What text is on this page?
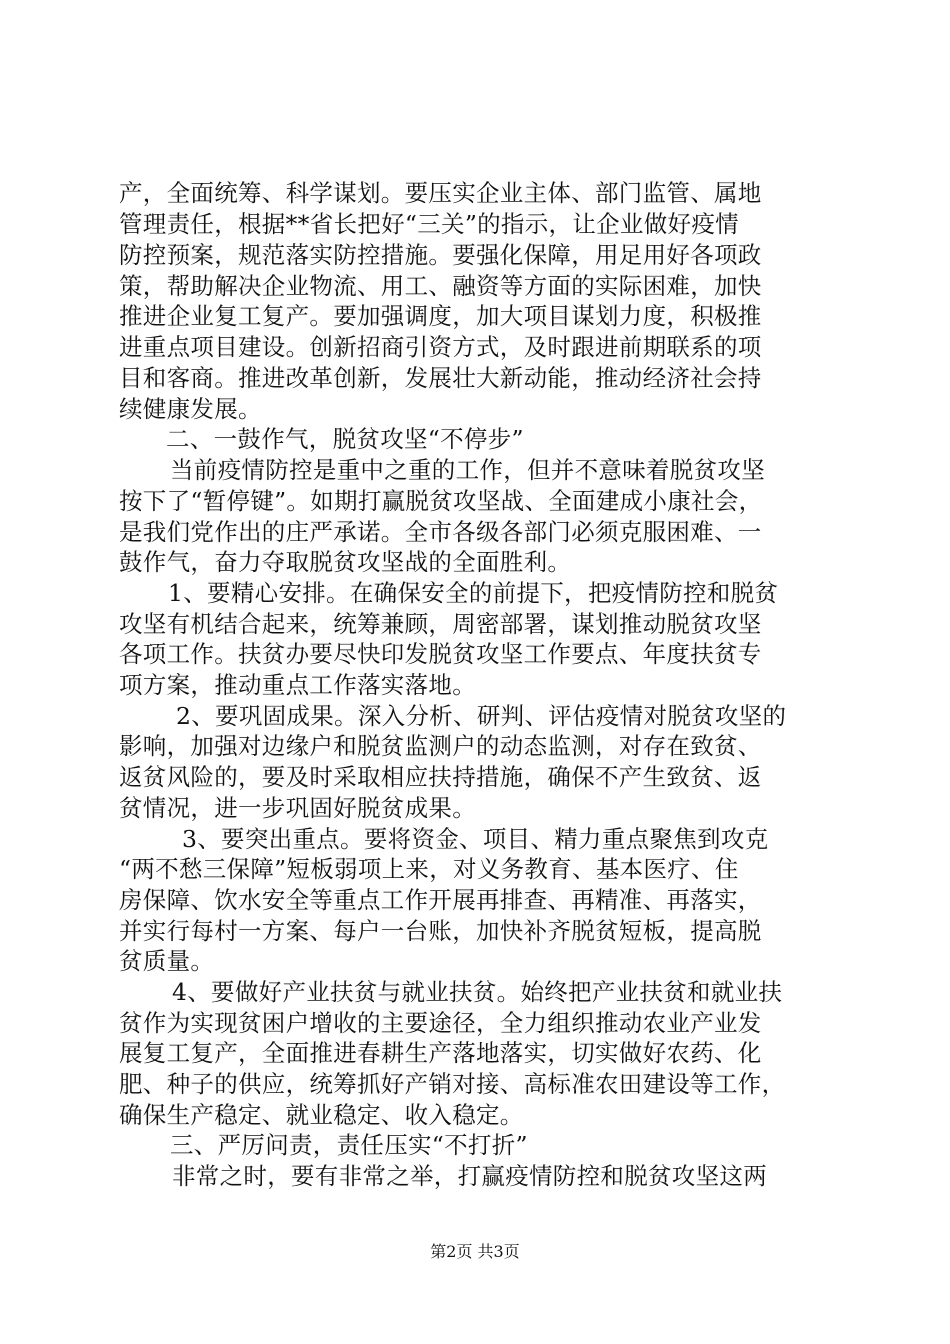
产，全面统筹、科学谋划。要压实企业主体、部门监管、属地
管理责任，根据**省长把好“三关”的指示，让企业做好疫情
防控预案，规范落实防控措施。要强化保障，用足用好各项政
策，帮助解决企业物流、用工、融资等方面的实际困难，加快
推进企业复工复产。要加强调度，加大项目谋划力度，积极推
进重点项目建设。创新招商引资方式，及时跟进前期联系的项
目和客商。推进改革创新，发展壮大新动能，推动经济社会持
续健康发展。
二、一鼓作气，脱贫攻坚“不停步”
当前疫情防控是重中之重的工作，但并不意味着脱贫攻坚
按下了“暂停键”。如期打赢脱贫攻坚战、全面建成小康社会，
是我们党作出的庄严承诺。全市各级各部门必须克服困难、一
鼓作气，奋力夺取脱贫攻坚战的全面胜利。
1、要精心安排。在确保安全的前提下，把疫情防控和脱贫
攻坚有机结合起来，统筹兼顾，周密部署，谋划推动脱贫攻坚
各项工作。扶贫办要尽快印发脱贫攻坚工作要点、年度扶贫专
项方案，推动重点工作落实落地。
2、要巩固成果。深入分析、研判、评估疫情对脱贫攻坚的
影响，加强对边缘户和脱贫监测户的动态监测，对存在致贫、
返贫风险的，要及时采取相应扶持措施，确保不产生致贫、返
贫情况，进一步巩固好脱贫成果。
3、要突出重点。要将资金、项目、精力重点聚焦到攻克
“两不愁三保障”短板弱项上来，对义务教育、基本医疗、住
房保障、饮水安全等重点工作开展再排查、再精准、再落实，
并实行每村一方案、每户一台账，加快补齐脱贫短板，提高脱
贫质量。
4、要做好产业扶贫与就业扶贫。始终把产业扶贫和就业扶
贫作为实现贫困户增收的主要途径，全力组织推动农业产业发
展复工复产，全面推进春耕生产落地落实，切实做好农药、化
肥、种子的供应，统筹抓好产销对接、高标准农田建设等工作，
确保生产稳定、就业稳定、收入稳定。
三、严厉问责，责任压实“不打折”
非常之时，要有非常之举，打赢疫情防控和脱贫攻坚这两
第2页 共3页
